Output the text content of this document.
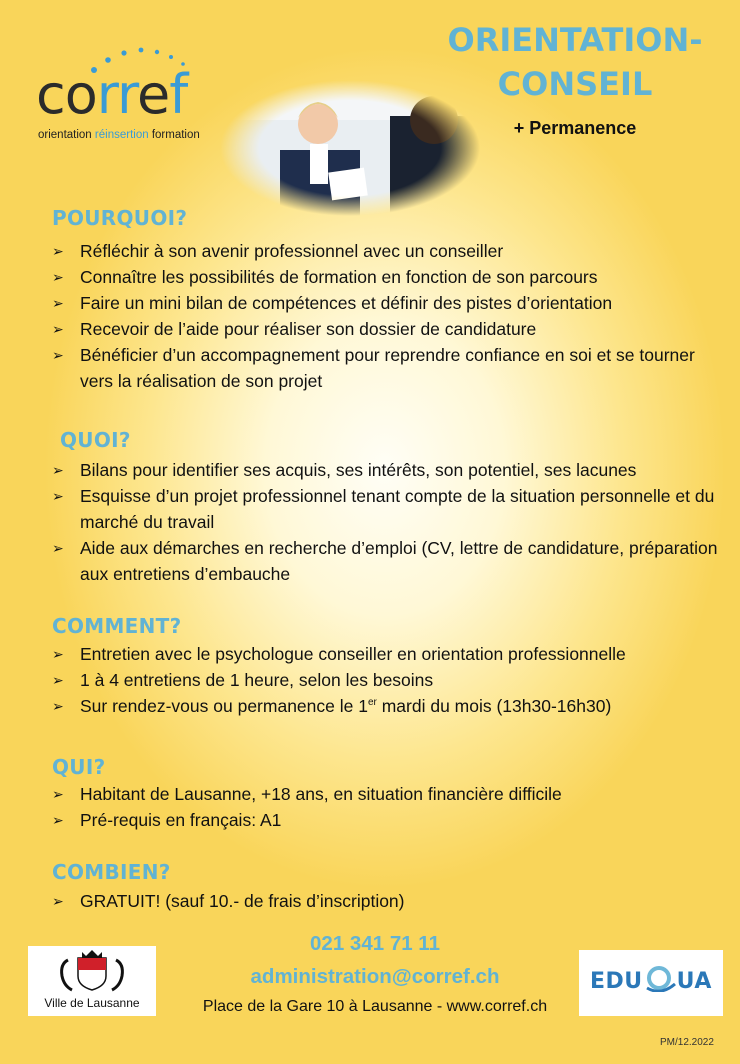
corref
orientation réinsertion formation
ORIENTATION-
CONSEIL
+ Permanence
POURQUOI?
➢ Réfléchir à son avenir professionnel avec un conseiller
➢ Connaître les possibilités de formation en fonction de son parcours
➢ Faire un mini bilan de compétences et définir des pistes d’orientation
➢ Recevoir de l’aide pour réaliser son dossier de candidature
➢ Bénéficier d’un accompagnement pour reprendre confiance en soi et se tourner vers la réalisation de son projet
QUOI?
➢ Bilans pour identifier ses acquis, ses intérêts, son potentiel, ses lacunes
➢ Esquisse d’un projet professionnel tenant compte de la situation personnelle et du marché du travail
➢ Aide aux démarches en recherche d’emploi (CV, lettre de candidature, préparation aux entretiens d’embauche
COMMENT?
➢ Entretien avec le psychologue conseiller en orientation professionnelle
➢ 1 à 4 entretiens de 1 heure, selon les besoins
➢ Sur rendez-vous ou permanence le 1er mardi du mois (13h30-16h30)
QUI?
➢ Habitant de Lausanne, +18 ans, en situation financière difficile
➢ Pré-requis en français: A1
COMBIEN?
➢ GRATUIT! (sauf 10.- de frais d’inscription)
Ville de Lausanne
021 341 71 11
administration@corref.ch
Place de la Gare 10 à Lausanne - www.corref.ch
EDU UA
PM/12.2022
